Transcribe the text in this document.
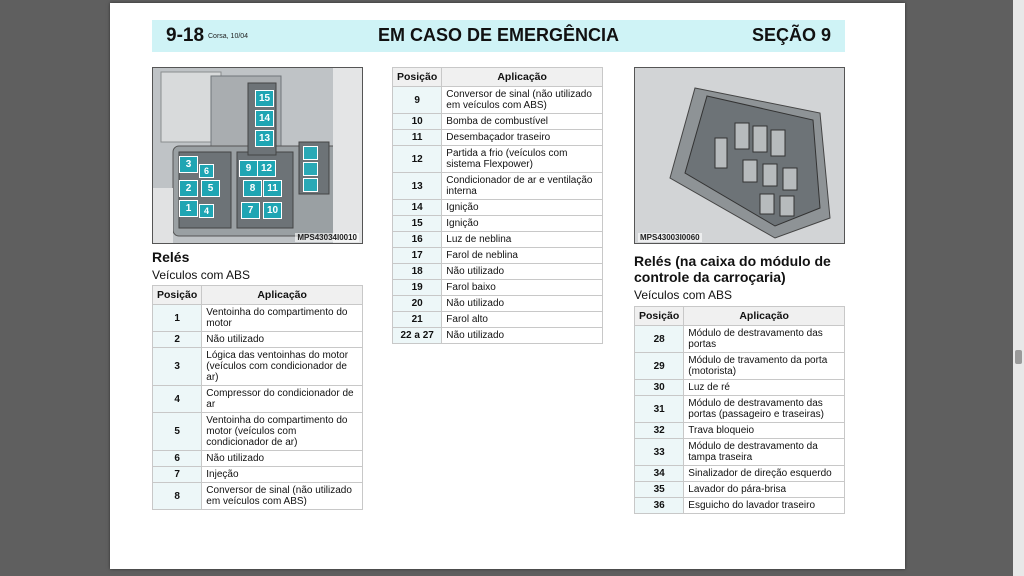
9-18 Corsa, 10/04	EM CASO DE EMERGÊNCIA	SEÇÃO 9
15
14
13
3
6	9 12
8	11
2	5
1	4	7	10
MPS43034I0010	MPS43003I0060
Relés
Veículos com ABS
Posição	Aplicação
1	Ventoinha do compartimento do motor
2	Não utilizado
3	Lógica das ventoinhas do motor (veículos com condicionador de ar)
4	Compressor do condicionador de ar
5	Ventoinha do compartimento do motor (veículos com condicionador de ar)
6	Não utilizado
7	Injeção
8	Conversor de sinal (não utilizado em veículos com ABS)
Posição	Aplicação
9	Conversor de sinal (não utilizado em veículos com ABS)
10	Bomba de combustível
11	Desembaçador traseiro
12	Partida a frio (veículos com sistema Flexpower)
13	Condicionador de ar e ventilação interna
14	Ignição
15	Ignição
16	Luz de neblina
17	Farol de neblina
18	Não utilizado
19	Farol baixo
20	Não utilizado
21	Farol alto
22 a 27	Não utilizado
Relés (na caixa do módulo de controle da carroçaria)
Veículos com ABS
Posição	Aplicação
28	Módulo de destravamento das portas
29	Módulo de travamento da porta (motorista)
30	Luz de ré
31	Módulo de destravamento das portas (passageiro e traseiras)
32	Trava bloqueio
33	Módulo de destravamento da tampa traseira
34	Sinalizador de direção esquerdo
35	Lavador do pára-brisa
36	Esguicho do lavador traseiro
